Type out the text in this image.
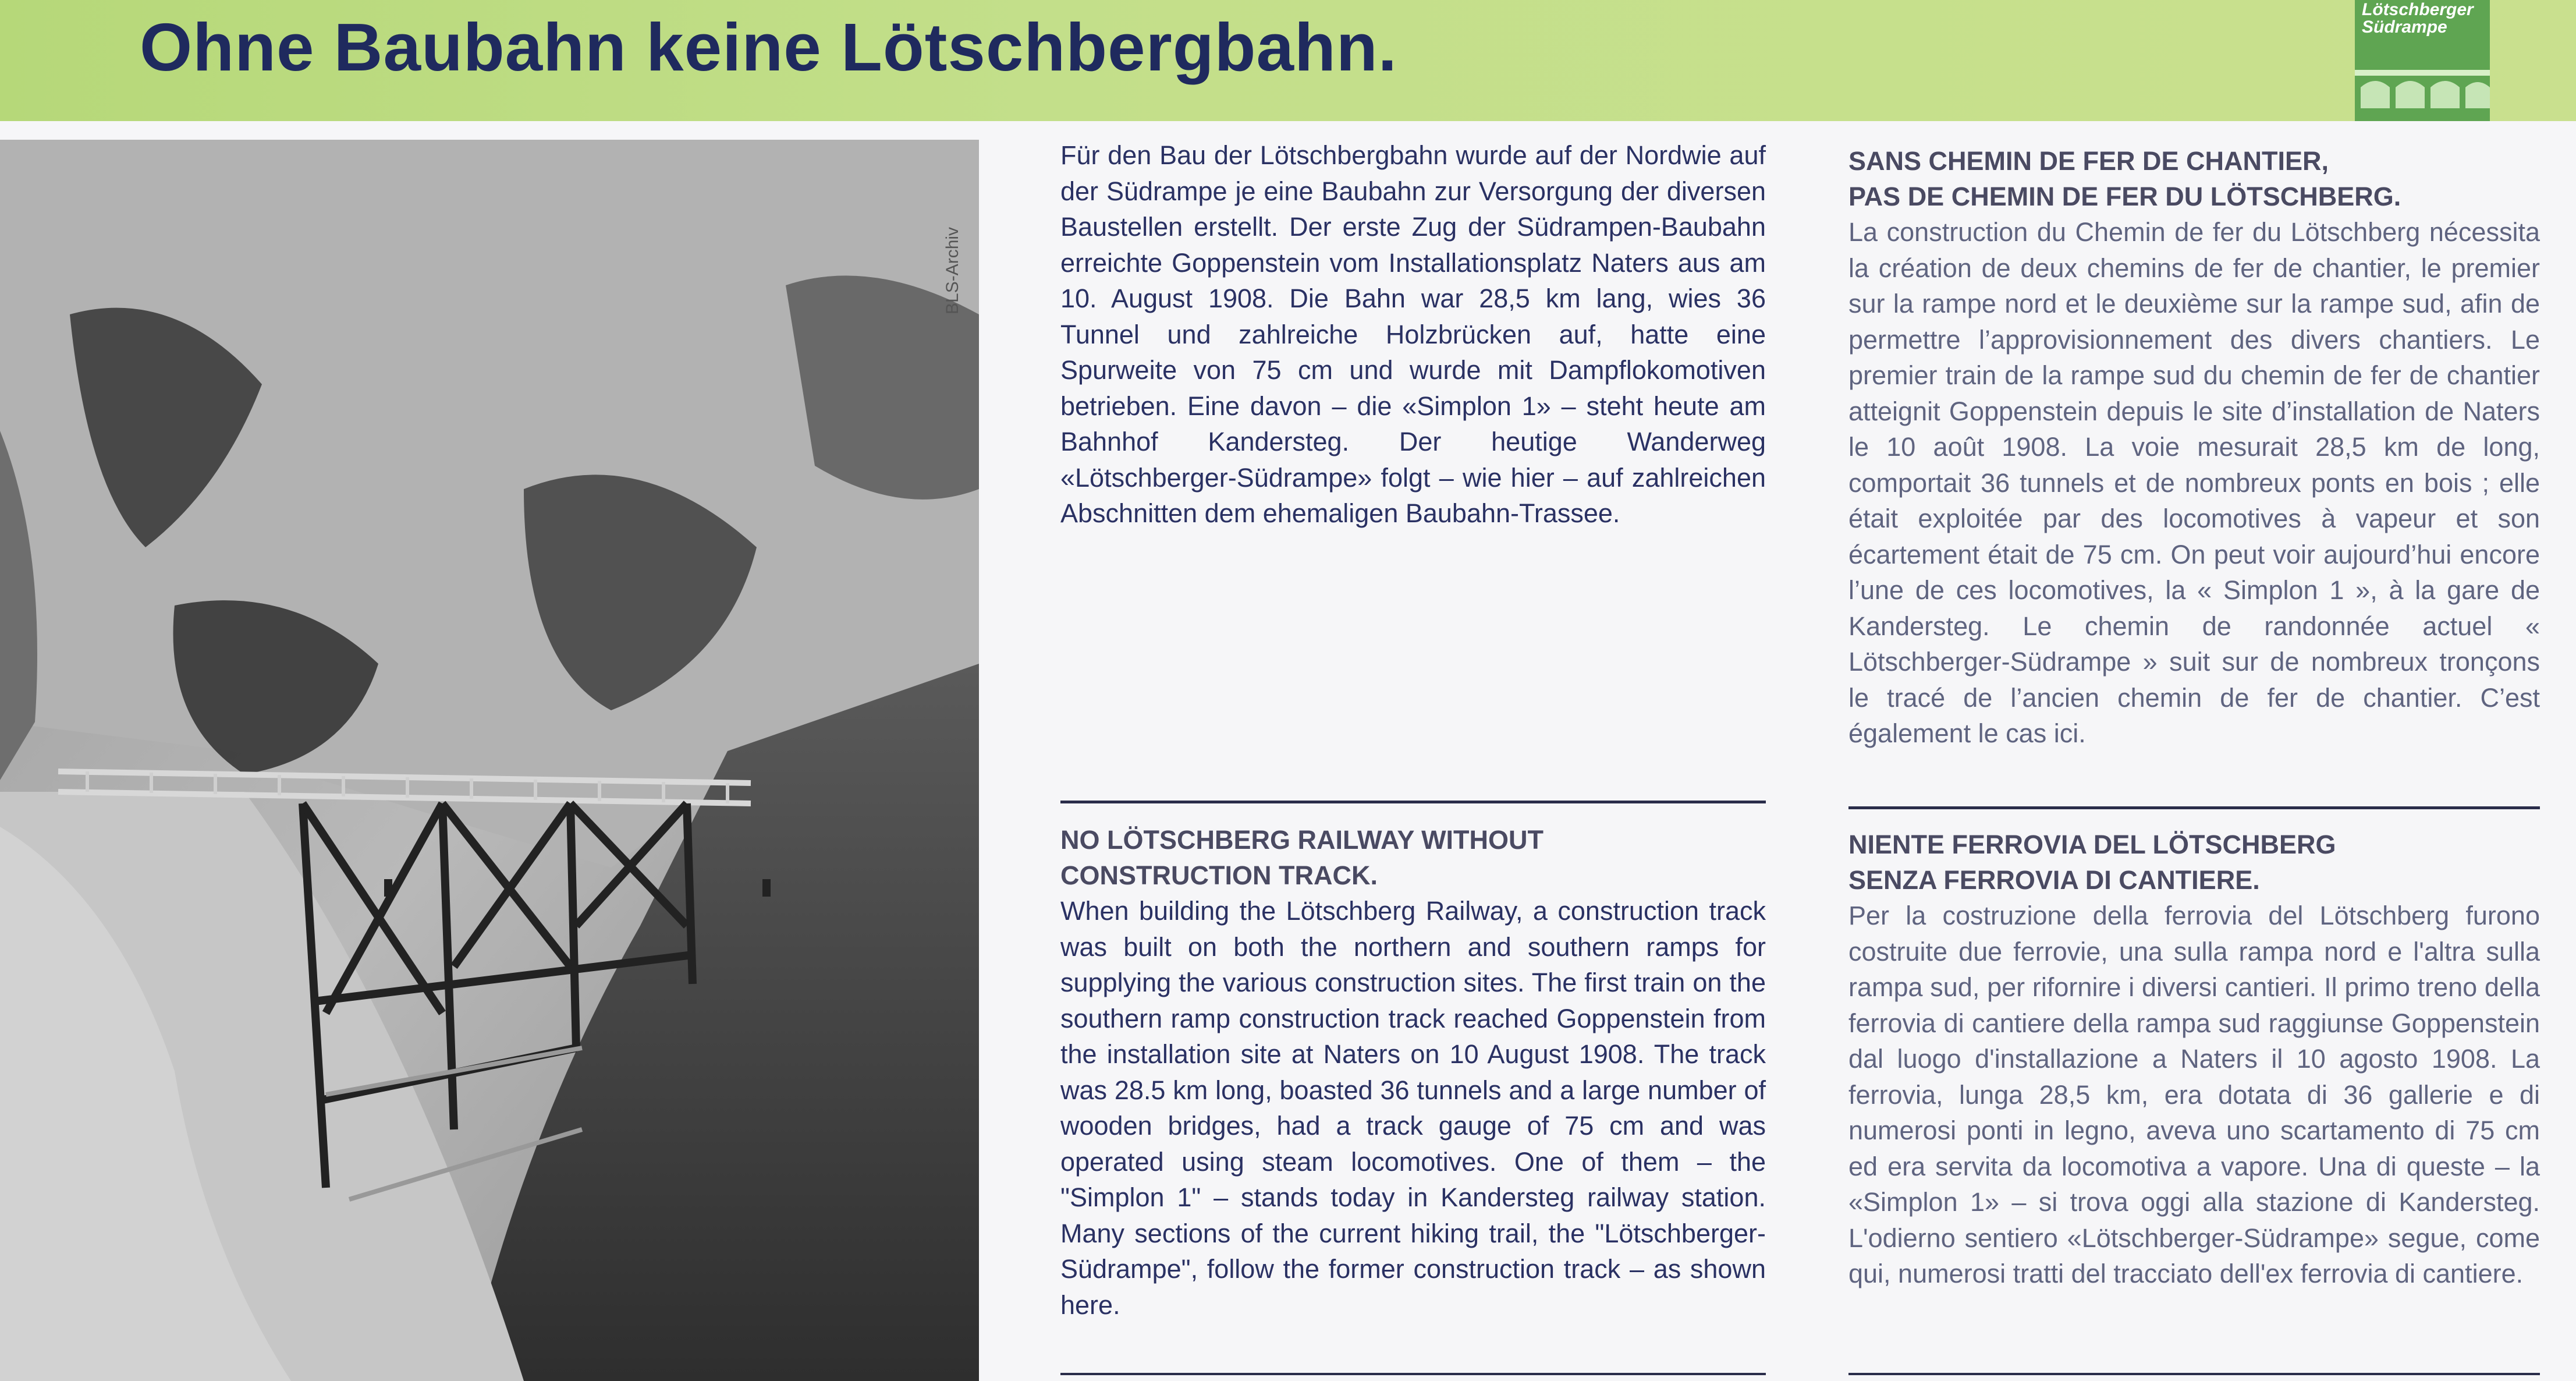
Ohne Baubahn keine Lötschbergbahn.	Lötschberger
Südrampe
BLS-Archiv

Für den Bau der Lötschbergbahn wurde auf der Nordwie auf der Südrampe je eine Baubahn zur Versorgung der diversen Baustellen erstellt. Der erste Zug der Südrampen-Baubahn erreichte Goppenstein vom Installationsplatz Naters aus am 10. August 1908. Die Bahn war 28,5 km lang, wies 36 Tunnel und zahlreiche Holzbrücken auf, hatte eine Spurweite von 75 cm und wurde mit Dampflokomotiven betrieben. Eine davon – die «Simplon 1» – steht heute am Bahnhof Kandersteg. Der heutige Wanderweg «Lötschberger-Südrampe» folgt – wie hier – auf zahlreichen Abschnitten dem ehemaligen Baubahn-Trassee.

SANS CHEMIN DE FER DE CHANTIER,

PAS DE CHEMIN DE FER DU LÖTSCHBERG.

La construction du Chemin de fer du Lötschberg nécessita la création de deux chemins de fer de chantier, le premier sur la rampe nord et le deuxième sur la rampe sud, afin de permettre l’approvisionnement des divers chantiers. Le premier train de la rampe sud du chemin de fer de chantier atteignit Goppenstein depuis le site d’installation de Naters le 10 août 1908. La voie mesurait 28,5 km de long, comportait 36 tunnels et de nombreux ponts en bois ; elle était exploitée par des locomotives à vapeur et son écartement était de 75 cm. On peut voir aujourd’hui encore l’une de ces locomotives, la « Simplon 1 », à la gare de Kandersteg. Le chemin de randonnée actuel « Lötschberger-Südrampe » suit sur de nombreux tronçons le tracé de l’ancien chemin de fer de chantier. C’est également le cas ici.

NO LÖTSCHBERG RAILWAY WITHOUT

CONSTRUCTION TRACK.

When building the Lötschberg Railway, a construction track was built on both the northern and southern ramps for supplying the various construction sites. The first train on the southern ramp construction track reached Goppenstein from the installation site at Naters on 10 August 1908. The track was 28.5 km long, boasted 36 tunnels and a large number of wooden bridges, had a track gauge of 75 cm and was operated using steam locomotives. One of them – the "Simplon 1" – stands today in Kandersteg railway station. Many sections of the current hiking trail, the "Lötschberger-Südrampe", follow the former construction track – as shown here.

NIENTE FERROVIA DEL LÖTSCHBERG

SENZA FERROVIA DI CANTIERE.

Per la costruzione della ferrovia del Lötschberg furono costruite due ferrovie, una sulla rampa nord e l'altra sulla rampa sud, per rifornire i diversi cantieri. Il primo treno della ferrovia di cantiere della rampa sud raggiunse Goppenstein dal luogo d'installazione a Naters il 10 agosto 1908. La ferrovia, lunga 28,5 km, era dotata di 36 gallerie e di numerosi ponti in legno, aveva uno scartamento di 75 cm ed era servita da locomotiva a vapore. Una di queste – la «Simplon 1» – si trova oggi alla stazione di Kandersteg. L'odierno sentiero «Lötschberger-Südrampe» segue, come qui, numerosi tratti del tracciato dell'ex ferrovia di cantiere.
